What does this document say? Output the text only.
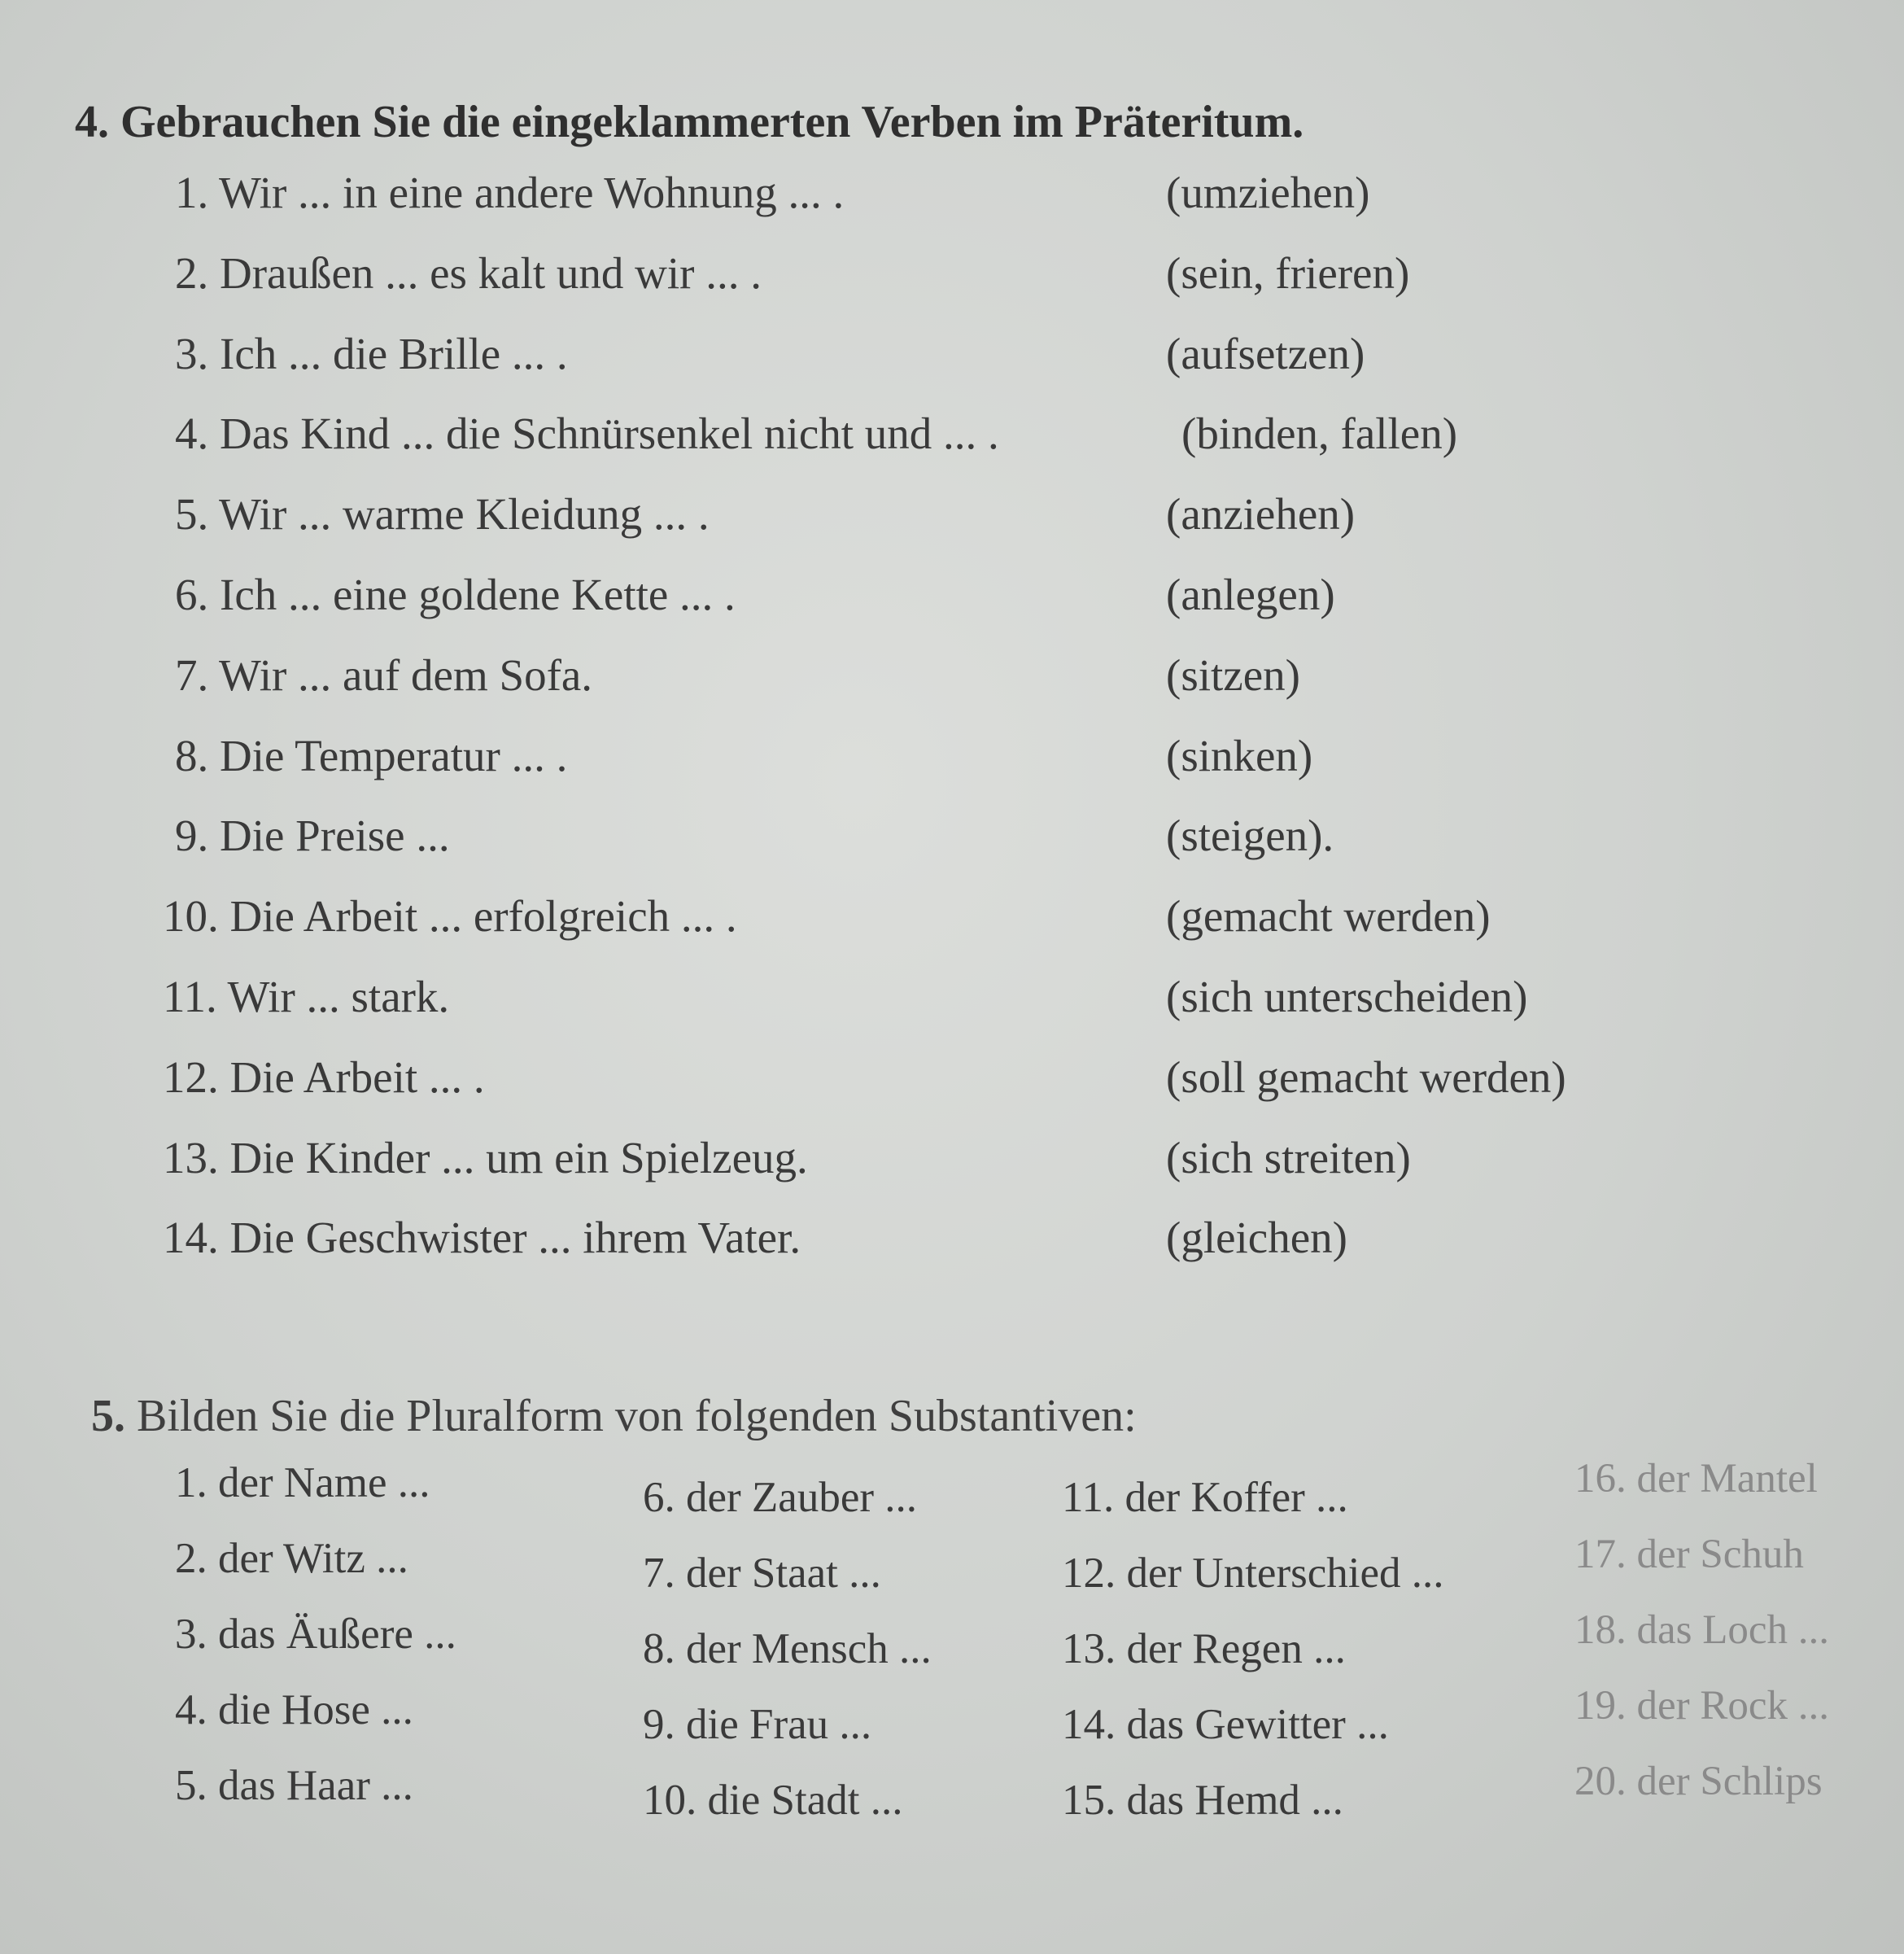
4. Gebrauchen Sie die eingeklammerten Verben im Präteritum.
1. Wir ... in eine andere Wohnung ... .	(umziehen)
2. Draußen ... es kalt und wir ... .	(sein, frieren)
3. Ich ... die Brille ... .	(aufsetzen)
4. Das Kind ... die Schnürsenkel nicht und ... .	(binden, fallen)
5. Wir ... warme Kleidung ... .	(anziehen)
6. Ich ... eine goldene Kette ... .	(anlegen)
7. Wir ... auf dem Sofa.	(sitzen)
8. Die Temperatur ... .	(sinken)
9. Die Preise ...	(steigen).
10. Die Arbeit ... erfolgreich ... .	(gemacht werden)
11. Wir ... stark.	(sich unterscheiden)
12. Die Arbeit ... .	(soll gemacht werden)
13. Die Kinder ... um ein Spielzeug.	(sich streiten)
14. Die Geschwister ... ihrem Vater.	(gleichen)
5. Bilden Sie die Pluralform von folgenden Substantiven:
1. der Name ...
2. der Witz ...
3. das Äußere ...
4. die Hose ...
5. das Haar ...
6. der Zauber ...
7. der Staat ...
8. der Mensch ...
9. die Frau ...
10. die Stadt ...
11. der Koffer ...
12. der Unterschied ...
13. der Regen ...
14. das Gewitter ...
15. das Hemd ...
16. der Mantel
17. der Schuh
18. das Loch ...
19. der Rock ...
20. der Schlips
